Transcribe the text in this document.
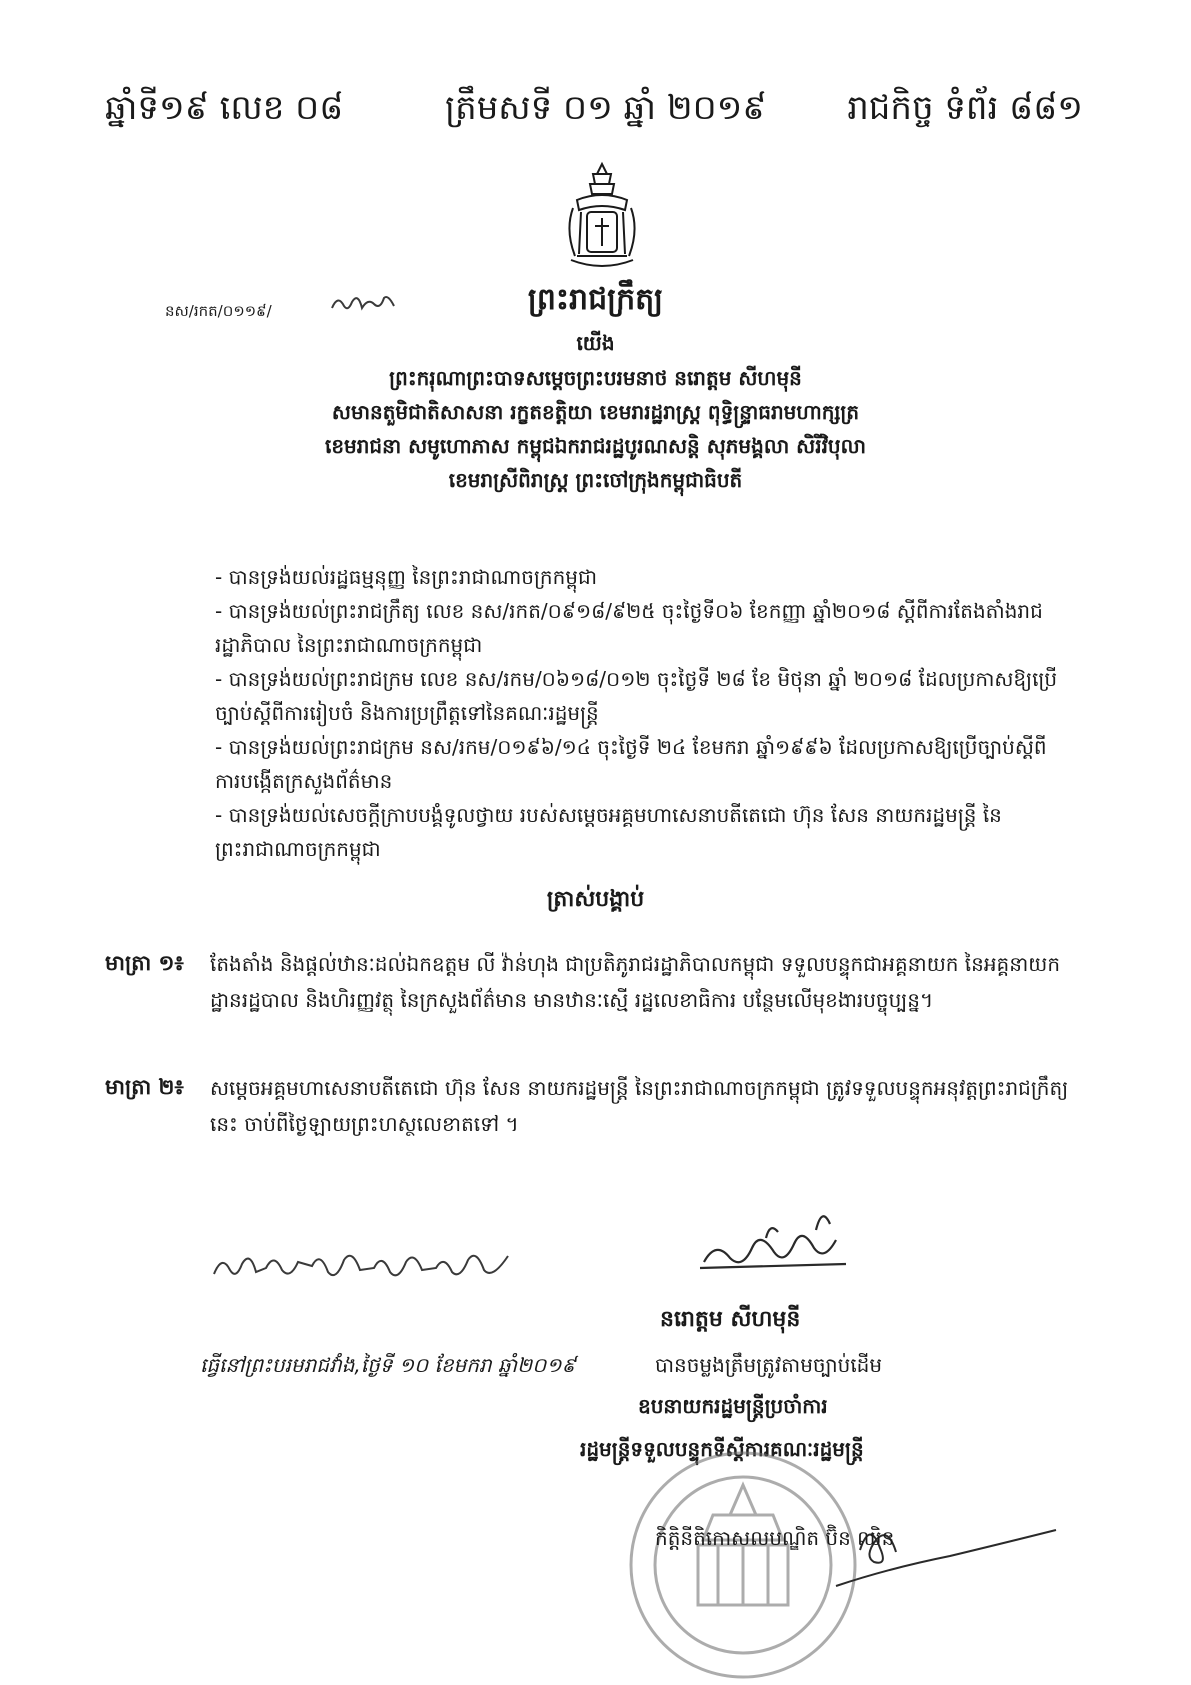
ឆ្នាំទី១៩ លេខ ០៨	ត្រឹមសទី ០១ ឆ្នាំ ២០១៩ រាជកិច្ច ទំព័រ ៨៨១
នស/រកត/០១១៩/	ព្រះរាជក្រឹត្យ
យើង
ព្រះករុណាព្រះបាទសម្ដេចព្រះបរមនាថ នរោត្តម សីហមុនី
សមានតួមិជាតិសាសនា រក្ខតខត្តិយា ខេមរារដ្ឋរាស្ត្រ ពុទ្ធិន្ទ្រាធរាមហាក្សត្រ
ខេមរាជនា សមូហោភាស កម្ពុជឯករាជរដ្ឋបូរណសន្តិ សុភមង្គលា សិរីវិបុលា
ខេមរាស្រីពិរាស្ត្រ ព្រះចៅក្រុងកម្ពុជាធិបតី
- បានទ្រង់យល់រដ្ឋធម្មនុញ្ញ នៃព្រះរាជាណាចក្រកម្ពុជា
- បានទ្រង់យល់ព្រះរាជក្រឹត្យ លេខ នស/រកត/០៩១៨/៩២៥ ចុះថ្ងៃទី០៦ ខែកញ្ញា ឆ្នាំ២០១៨ ស្ដីពីការតែងតាំងរាជរដ្ឋាភិបាល នៃព្រះរាជាណាចក្រកម្ពុជា
- បានទ្រង់យល់ព្រះរាជក្រម លេខ នស/រកម/០៦១៨/០១២ ចុះថ្ងៃទី ២៨ ខែ មិថុនា ឆ្នាំ ២០១៨ ដែលប្រកាសឱ្យប្រើច្បាប់ស្ដីពីការរៀបចំ និងការប្រព្រឹត្តទៅនៃគណៈរដ្ឋមន្ត្រី
- បានទ្រង់យល់ព្រះរាជក្រម នស/រកម/០១៩៦/១៤ ចុះថ្ងៃទី ២៤ ខែមករា ឆ្នាំ១៩៩៦ ដែលប្រកាសឱ្យប្រើច្បាប់ស្ដីពីការបង្កើតក្រសួងព័ត៌មាន
- បានទ្រង់យល់សេចក្ដីក្រាបបង្គំទូលថ្វាយ របស់សម្ដេចអគ្គមហាសេនាបតីតេជោ ហ៊ុន សែន នាយករដ្ឋមន្ត្រី នៃព្រះរាជាណាចក្រកម្ពុជា
ត្រាស់បង្គាប់
មាត្រា ១៖ តែងតាំង និងផ្ដល់ឋានៈដល់ឯកឧត្តម លី វ៉ាន់ហុង ជាប្រតិភូរាជរដ្ឋាភិបាលកម្ពុជា ទទួលបន្ទុកជាអគ្គនាយក នៃអគ្គនាយកដ្ឋានរដ្ឋបាល និងហិរញ្ញវត្ថុ នៃក្រសួងព័ត៌មាន មានឋានៈស្មើ រដ្ឋលេខាធិការ បន្ថែមលើមុខងារបច្ចុប្បន្ន។
មាត្រា ២៖ សម្ដេចអគ្គមហាសេនាបតីតេជោ ហ៊ុន សែន នាយករដ្ឋមន្ត្រី នៃព្រះរាជាណាចក្រកម្ពុជា ត្រូវទទួលបន្ទុកអនុវត្តព្រះរាជក្រឹត្យនេះ ចាប់ពីថ្ងៃឡាយព្រះហស្ថលេខាតទៅ ។
នរោត្តម សីហមុនី
ធ្វើនៅព្រះបរមរាជវាំង,ថ្ងៃទី ១០ ខែមករា ឆ្នាំ២០១៩	បានចម្លងត្រឹមត្រូវតាមច្បាប់ដើម
ឧបនាយករដ្ឋមន្ត្រីប្រចាំការ
រដ្ឋមន្ត្រីទទួលបន្ទុកទីស្ដីការគណៈរដ្ឋមន្ត្រី
កិត្តិនីតិកោសលបណ្ឌិត ប៊ិន ឈិន
